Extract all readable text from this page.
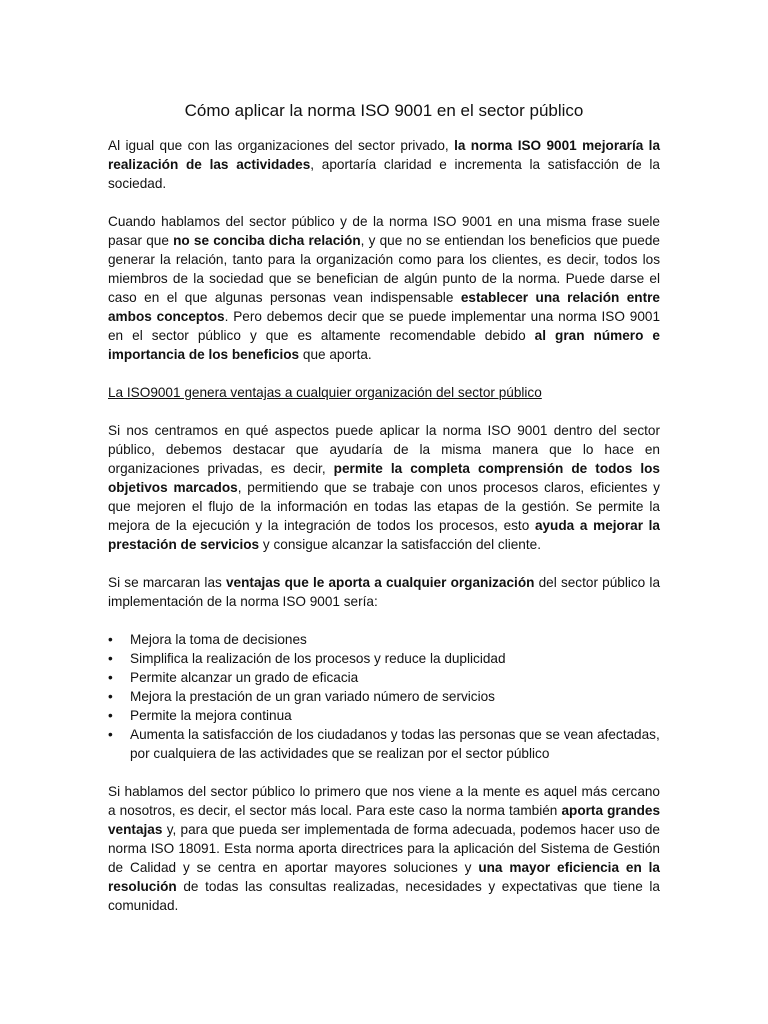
Cómo aplicar la norma ISO 9001 en el sector público

Al igual que con las organizaciones del sector privado, la norma ISO 9001 mejoraría la realización de las actividades, aportaría claridad e incrementa la satisfacción de la sociedad.

Cuando hablamos del sector público y de la norma ISO 9001 en una misma frase suele pasar que no se conciba dicha relación, y que no se entiendan los beneficios que puede generar la relación, tanto para la organización como para los clientes, es decir, todos los miembros de la sociedad que se benefician de algún punto de la norma. Puede darse el caso en el que algunas personas vean indispensable establecer una relación entre ambos conceptos. Pero debemos decir que se puede implementar una norma ISO 9001 en el sector público y que es altamente recomendable debido al gran número e importancia de los beneficios que aporta.

La ISO9001 genera ventajas a cualquier organización del sector público

Si nos centramos en qué aspectos puede aplicar la norma ISO 9001 dentro del sector público, debemos destacar que ayudaría de la misma manera que lo hace en organizaciones privadas, es decir, permite la completa comprensión de todos los objetivos marcados, permitiendo que se trabaje con unos procesos claros, eficientes y que mejoren el flujo de la información en todas las etapas de la gestión. Se permite la mejora de la ejecución y la integración de todos los procesos, esto ayuda a mejorar la prestación de servicios y consigue alcanzar la satisfacción del cliente.

Si se marcaran las ventajas que le aporta a cualquier organización del sector público la implementación de la norma ISO 9001 sería:

•	Mejora la toma de decisiones
•	Simplifica la realización de los procesos y reduce la duplicidad
•	Permite alcanzar un grado de eficacia
•	Mejora la prestación de un gran variado número de servicios
•	Permite la mejora continua
•	Aumenta la satisfacción de los ciudadanos y todas las personas que se vean afectadas, por cualquiera de las actividades que se realizan por el sector público

Si hablamos del sector público lo primero que nos viene a la mente es aquel más cercano a nosotros, es decir, el sector más local. Para este caso la norma también aporta grandes ventajas y, para que pueda ser implementada de forma adecuada, podemos hacer uso de norma ISO 18091. Esta norma aporta directrices para la aplicación del Sistema de Gestión de Calidad y se centra en aportar mayores soluciones y una mayor eficiencia en la resolución de todas las consultas realizadas, necesidades y expectativas que tiene la comunidad.
